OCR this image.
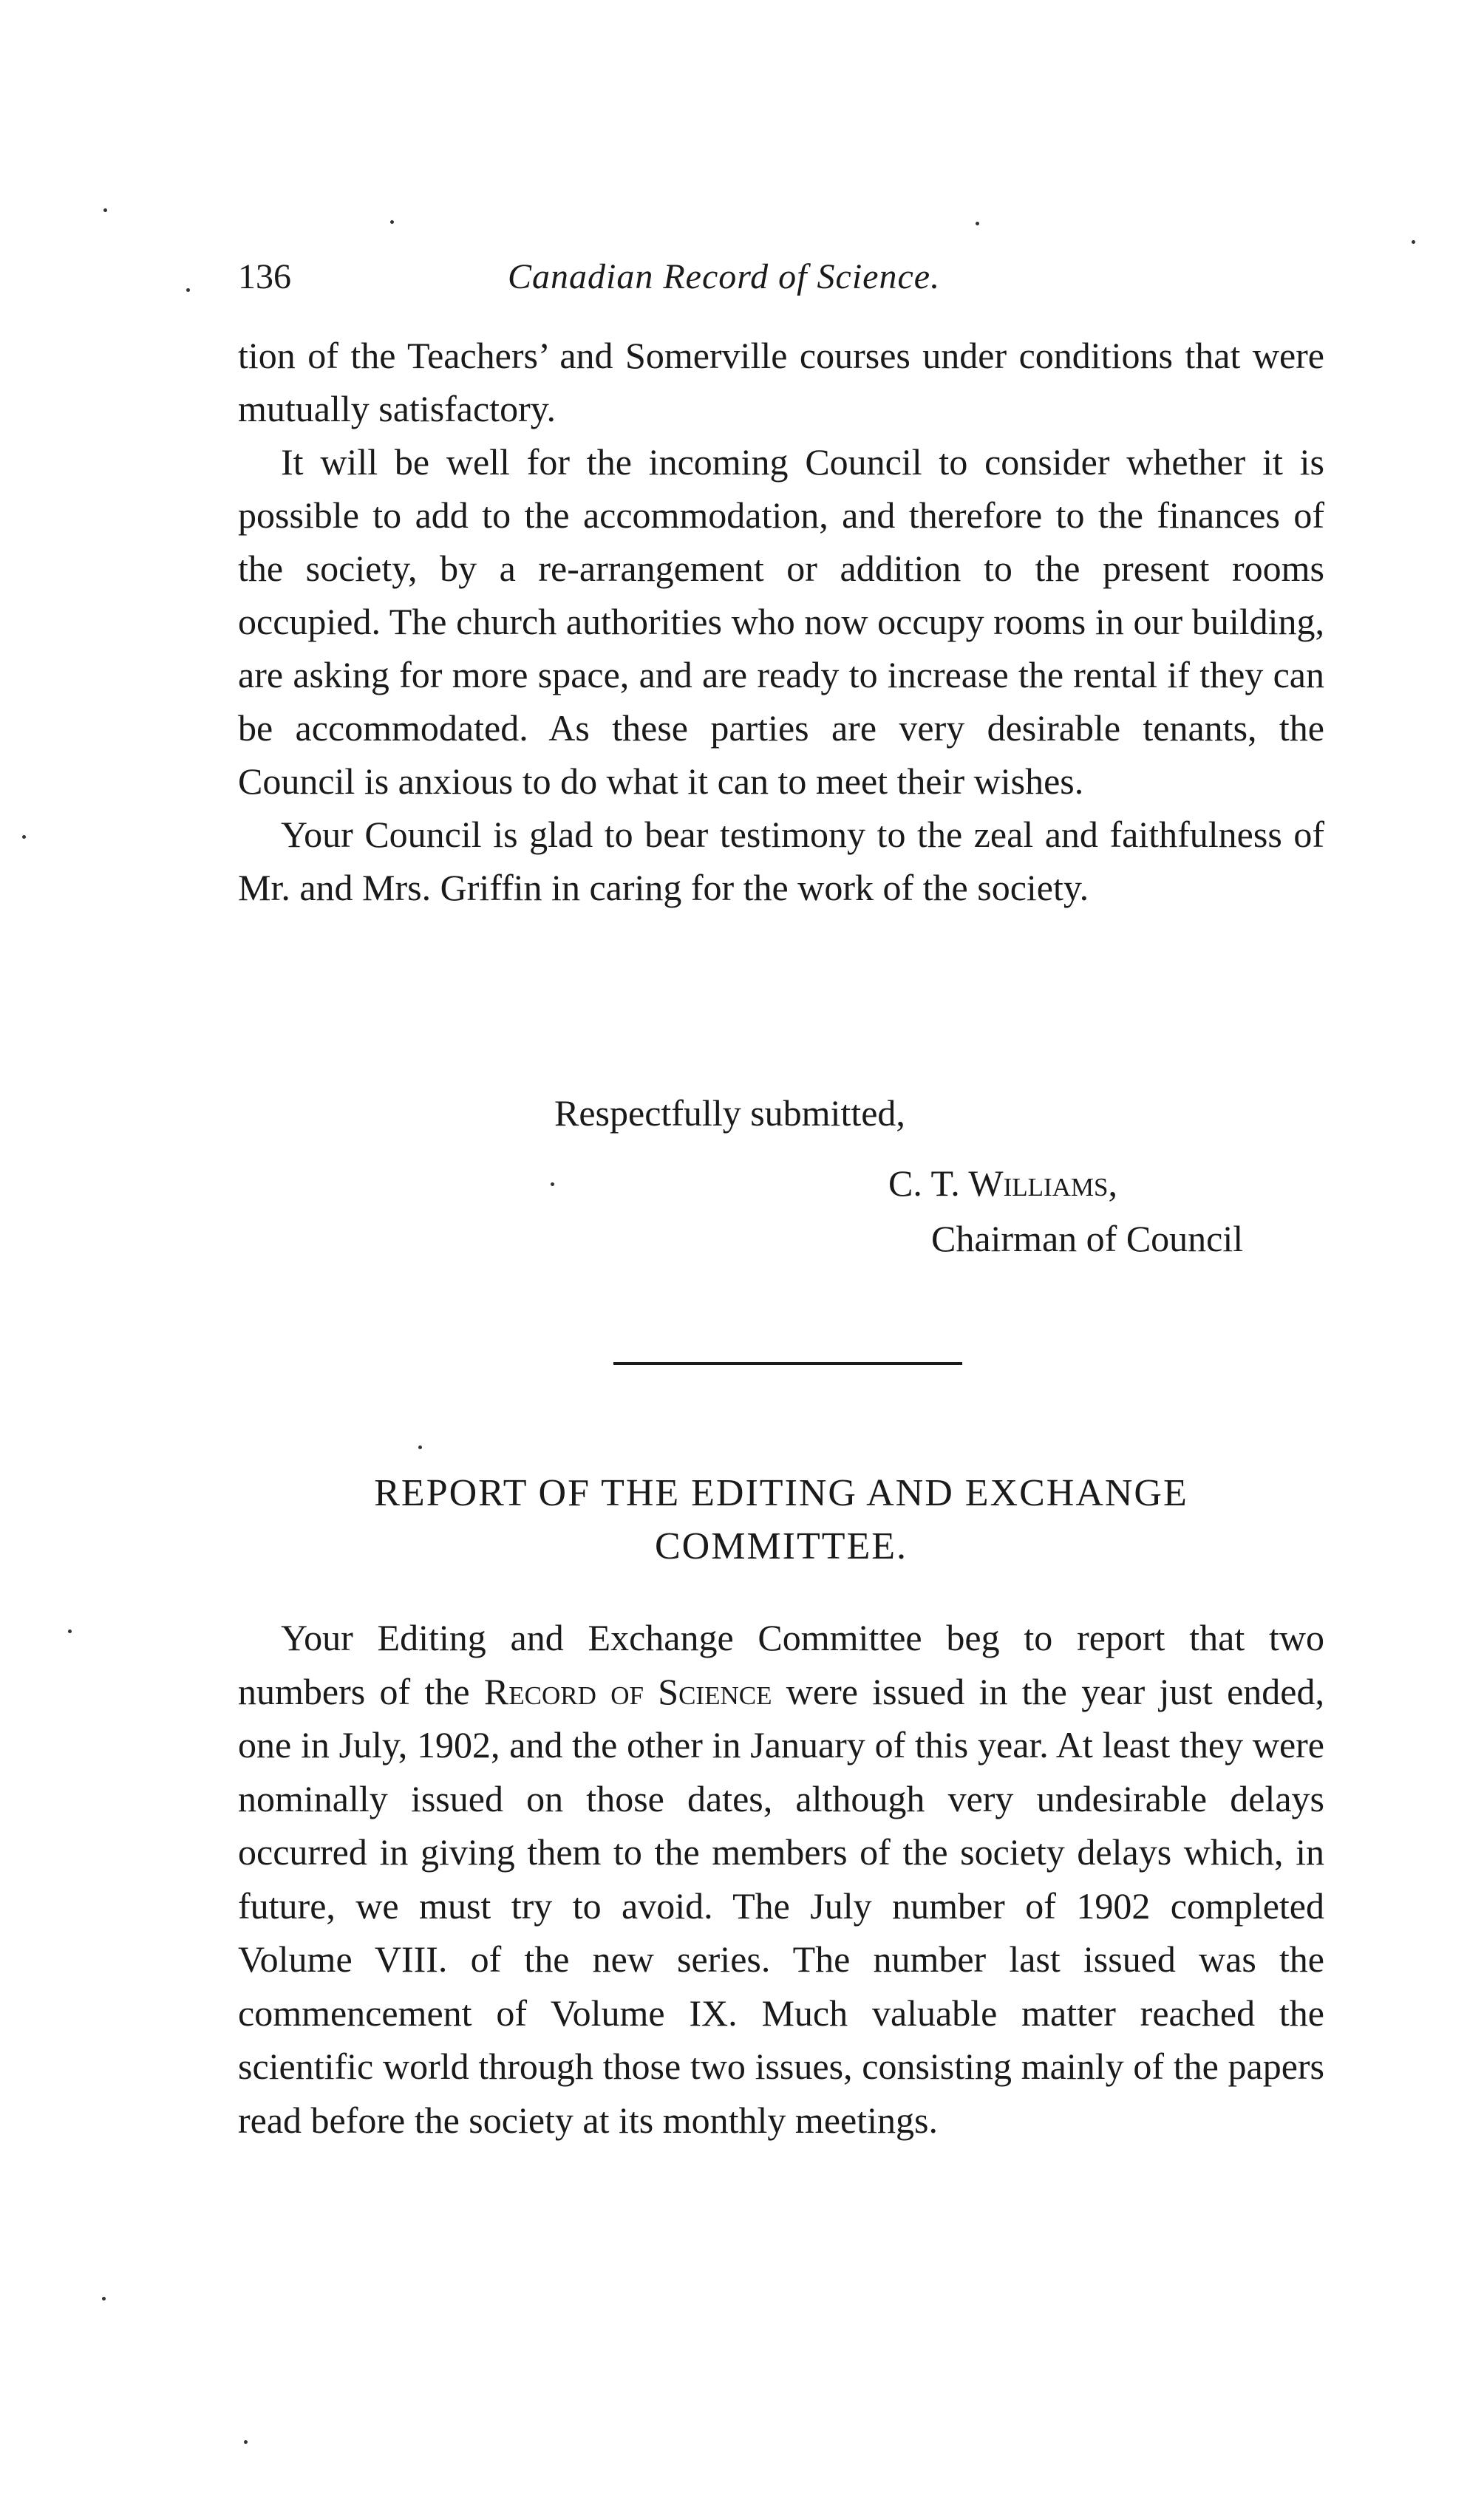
136	Canadian Record of Science.

tion of the Teachers’ and Somerville courses under conditions that were mutually satisfactory.

It will be well for the incoming Council to consider whether it is possible to add to the accommodation, and therefore to the finances of the society, by a re-arrangement or addition to the present rooms occupied. The church authorities who now occupy rooms in our building, are asking for more space, and are ready to increase the rental if they can be accommodated. As these parties are very desirable tenants, the Council is anxious to do what it can to meet their wishes.

Your Council is glad to bear testimony to the zeal and faithfulness of Mr. and Mrs. Griffin in caring for the work of the society.

Respectfully submitted,
C. T. Williams,
Chairman of Council
REPORT OF THE EDITING AND EXCHANGE
COMMITTEE.

Your Editing and Exchange Committee beg to report that two numbers of the Record of Science were issued in the year just ended, one in July, 1902, and the other in January of this year. At least they were nominally issued on those dates, although very undesirable delays occurred in giving them to the members of the society delays which, in future, we must try to avoid. The July number of 1902 completed Volume VIII. of the new series. The number last issued was the commencement of Volume IX. Much valuable matter reached the scientific world through those two issues, consisting mainly of the papers read before the society at its monthly meetings.
